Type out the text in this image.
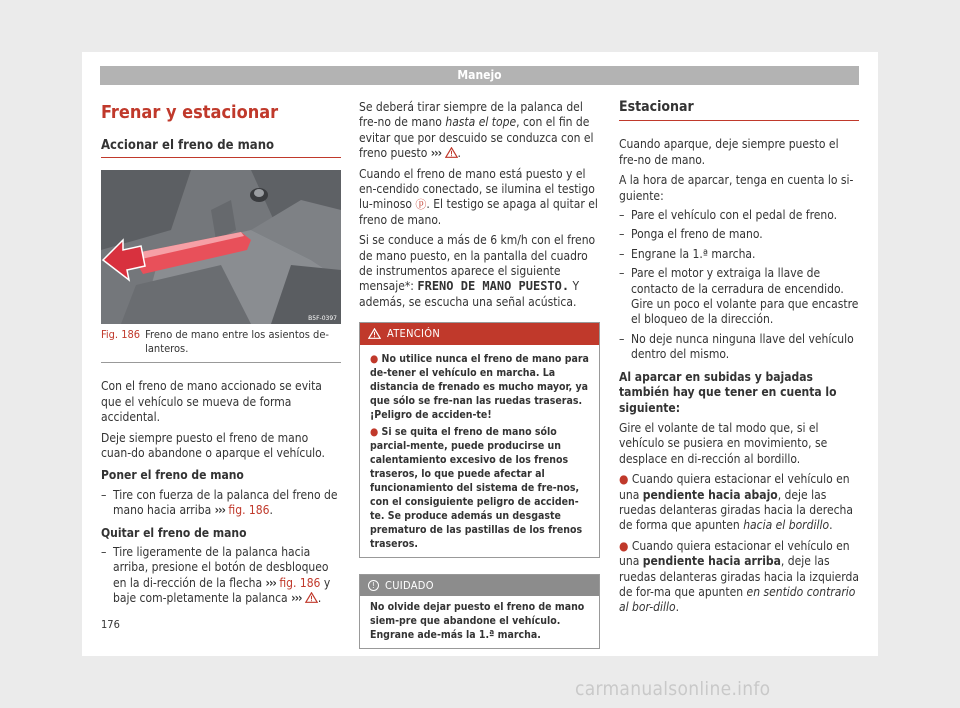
Manejo
Frenar y estacionar
Accionar el freno de mano
B5F-0397
Fig. 186 Freno de mano entre los asientos de-lanteros.

Con el freno de mano accionado se evita que el vehículo se mueva de forma accidental.

Deje siempre puesto el freno de mano cuan-do abandone o aparque el vehículo.

Poner el freno de mano

– Tire con fuerza de la palanca del freno de mano hacia arriba ››› fig. 186.

Quitar el freno de mano

– Tire ligeramente de la palanca hacia arriba, presione el botón de desbloqueo en la di-rección de la flecha ››› fig. 186 y baje com-pletamente la palanca ››› .

Se deberá tirar siempre de la palanca del fre-no de mano hasta el tope, con el fin de evitar que por descuido se conduzca con el freno puesto ››› .

Cuando el freno de mano está puesto y el en-cendido conectado, se ilumina el testigo lu-minoso ⓟ. El testigo se apaga al quitar el freno de mano.

Si se conduce a más de 6 km/h con el freno de mano puesto, en la pantalla del cuadro de instrumentos aparece el siguiente mensaje*: FRENO DE MANO PUESTO. Y además, se escucha una señal acústica.

ATENCIÓN
● No utilice nunca el freno de mano para de-tener el vehículo en marcha. La distancia de frenado es mucho mayor, ya que sólo se fre-nan las ruedas traseras. ¡Peligro de acciden-te!
● Si se quita el freno de mano sólo parcial-mente, puede producirse un calentamiento excesivo de los frenos traseros, lo que puede afectar al funcionamiento del sistema de fre-nos, con el consiguiente peligro de acciden-te. Se produce además un desgaste prematuro de las pastillas de los frenos traseros.
! CUIDADO
No olvide dejar puesto el freno de mano siem-pre que abandone el vehículo. Engrane ade-más la 1.ª marcha.
Estacionar

Cuando aparque, deje siempre puesto el fre-no de mano.

A la hora de aparcar, tenga en cuenta lo si-guiente:

– Pare el vehículo con el pedal de freno.
– Ponga el freno de mano.
– Engrane la 1.ª marcha.
– Pare el motor y extraiga la llave de contacto de la cerradura de encendido. Gire un poco el volante para que encastre el bloqueo de la dirección.
– No deje nunca ninguna llave del vehículo dentro del mismo.

Al aparcar en subidas y bajadas también hay que tener en cuenta lo siguiente:

Gire el volante de tal modo que, si el vehículo se pusiera en movimiento, se desplace en di-rección al bordillo.

● Cuando quiera estacionar el vehículo en una pendiente hacia abajo, deje las ruedas delanteras giradas hacia la derecha de forma que apunten hacia el bordillo.

● Cuando quiera estacionar el vehículo en una pendiente hacia arriba, deje las ruedas delanteras giradas hacia la izquierda de for-ma que apunten en sentido contrario al bor-dillo.

176
carmanualsonline.info
